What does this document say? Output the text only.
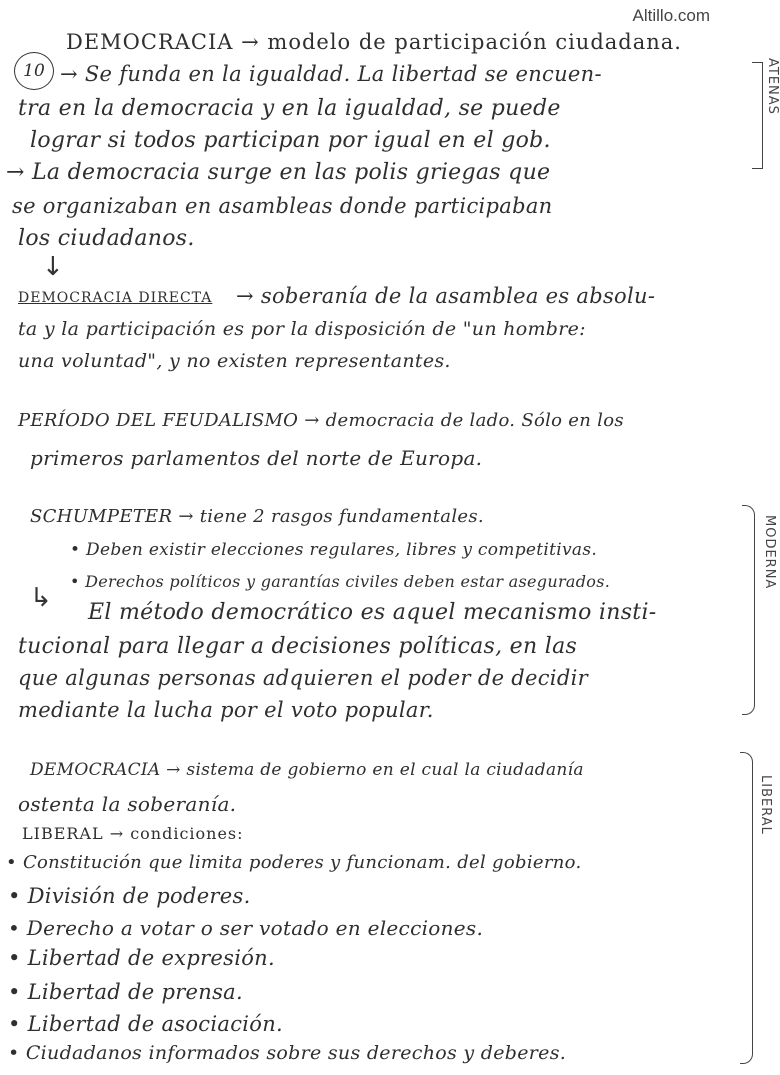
Altillo.com
10	ATENAS
MODERNA
LIBERAL
↓
↳
DEMOCRACIA → modelo de participación ciudadana.
→ Se funda en la igualdad. La libertad se encuen-
tra en la democracia y en la igualdad, se puede
lograr si todos participan por igual en el gob.
→ La democracia surge en las polis griegas que
se organizaban en asambleas donde participaban
los ciudadanos.
DEMOCRACIA DIRECTA → soberanía de la asamblea es absolu-
ta y la participación es por la disposición de "un hombre:
una voluntad", y no existen representantes.
PERÍODO DEL FEUDALISMO → democracia de lado. Sólo en los
primeros parlamentos del norte de Europa.
SCHUMPETER → tiene 2 rasgos fundamentales.
• Deben existir elecciones regulares, libres y competitivas.
• Derechos políticos y garantías civiles deben estar asegurados.
El método democrático es aquel mecanismo insti-
tucional para llegar a decisiones políticas, en las
que algunas personas adquieren el poder de decidir
mediante la lucha por el voto popular.
DEMOCRACIA → sistema de gobierno en el cual la ciudadanía
ostenta la soberanía.
LIBERAL → condiciones:
• Constitución que limita poderes y funcionam. del gobierno.
• División de poderes.
• Derecho a votar o ser votado en elecciones.
• Libertad de expresión.
• Libertad de prensa.
• Libertad de asociación.
• Ciudadanos informados sobre sus derechos y deberes.
